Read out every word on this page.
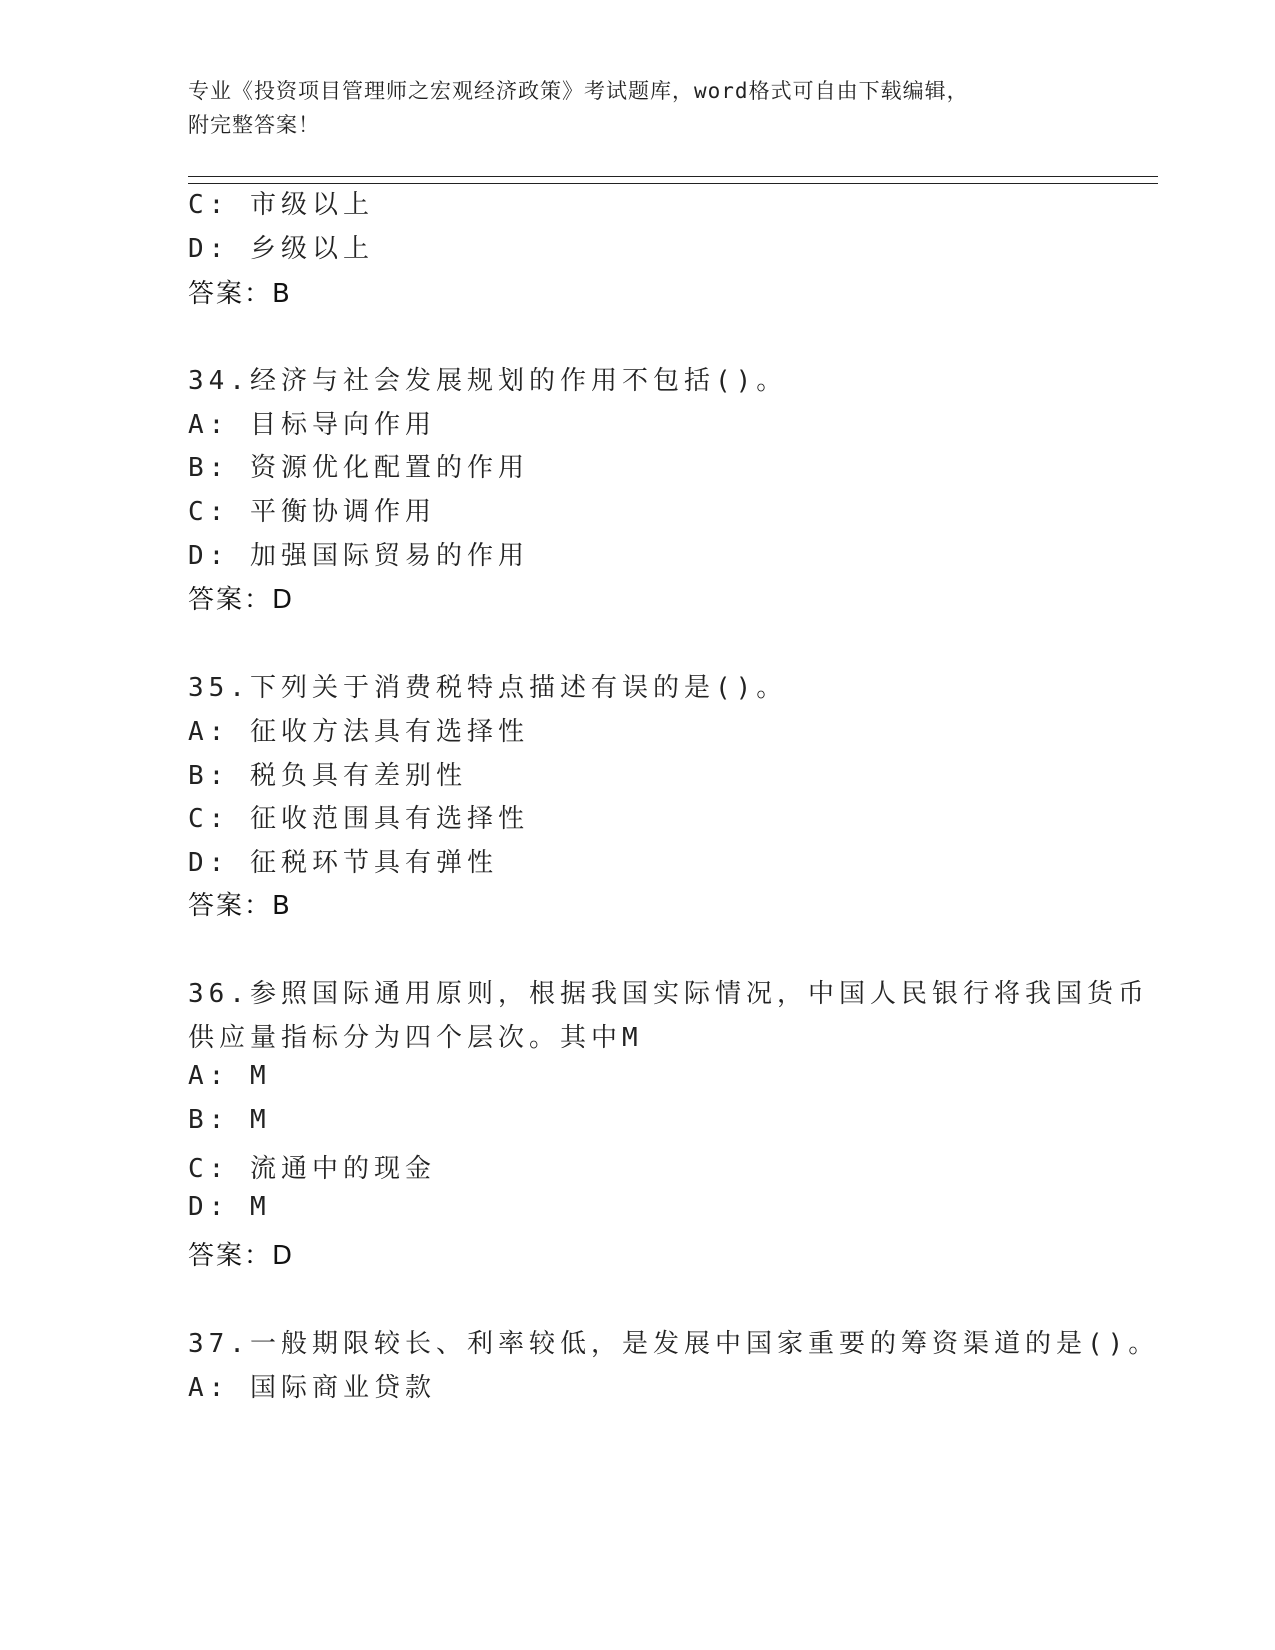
专业《投资项目管理师之宏观经济政策》考试题库，word格式可自由下载编辑，
附完整答案！
C: 市级以上
D: 乡级以上
答案：B
34.经济与社会发展规划的作用不包括()。
A: 目标导向作用
B: 资源优化配置的作用
C: 平衡协调作用
D: 加强国际贸易的作用
答案：D
35.下列关于消费税特点描述有误的是()。
A: 征收方法具有选择性
B: 税负具有差别性
C: 征收范围具有选择性
D: 征税环节具有弹性
答案：B
36.参照国际通用原则，根据我国实际情况，中国人民银行将我国货币
供应量指标分为四个层次。其中M
A: M
B: M
C: 流通中的现金
D: M
答案：D
37.一般期限较长、利率较低，是发展中国家重要的筹资渠道的是()。
A: 国际商业贷款
